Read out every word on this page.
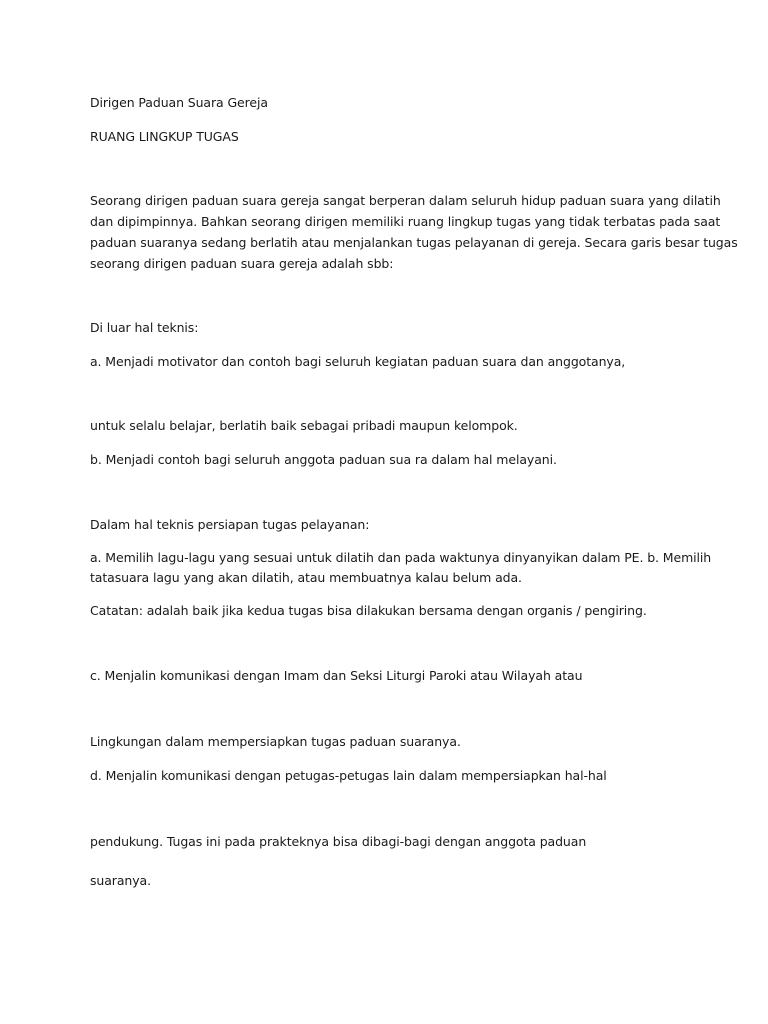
Dirigen Paduan Suara Gereja

RUANG LINGKUP TUGAS

Seorang dirigen paduan suara gereja sangat berperan dalam seluruh hidup paduan suara yang dilatih

dan dipimpinnya. Bahkan seorang dirigen memiliki ruang lingkup tugas yang tidak terbatas pada saat

paduan suaranya sedang berlatih atau menjalankan tugas pelayanan di gereja. Secara garis besar tugas

seorang dirigen paduan suara gereja adalah sbb:

Di luar hal teknis:

a. Menjadi motivator dan contoh bagi seluruh kegiatan paduan suara dan anggotanya,

untuk selalu belajar, berlatih baik sebagai pribadi maupun kelompok.

b. Menjadi contoh bagi seluruh anggota paduan sua ra dalam hal melayani.

Dalam hal teknis persiapan tugas pelayanan:

a. Memilih lagu-lagu yang sesuai untuk dilatih dan pada waktunya dinyanyikan dalam PE. b. Memilih

tatasuara lagu yang akan dilatih, atau membuatnya kalau belum ada.

Catatan: adalah baik jika kedua tugas bisa dilakukan bersama dengan organis / pengiring.

c. Menjalin komunikasi dengan Imam dan Seksi Liturgi Paroki atau Wilayah atau

Lingkungan dalam mempersiapkan tugas paduan suaranya.

d. Menjalin komunikasi dengan petugas-petugas lain dalam mempersiapkan hal-hal

pendukung. Tugas ini pada prakteknya bisa dibagi-bagi dengan anggota paduan

suaranya.
